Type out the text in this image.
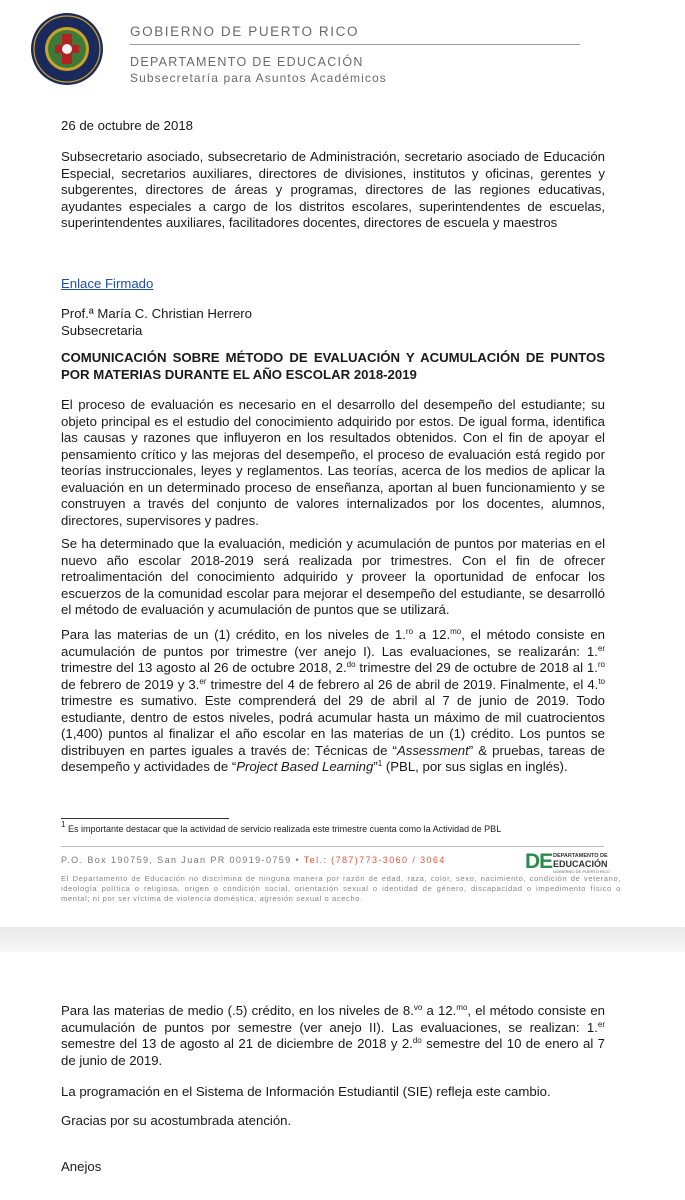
GOBIERNO DE PUERTO RICO
DEPARTAMENTO DE EDUCACIÓN
Subsecretaría para Asuntos Académicos
26 de octubre de 2018
Subsecretario asociado, subsecretario de Administración, secretario asociado de Educación Especial, secretarios auxiliares, directores de divisiones, institutos y oficinas, gerentes y subgerentes, directores de áreas y programas, directores de las regiones educativas, ayudantes especiales a cargo de los distritos escolares, superintendentes de escuelas, superintendentes auxiliares, facilitadores docentes, directores de escuela y maestros
Enlace Firmado
Prof.ª María C. Christian Herrero
Subsecretaria
COMUNICACIÓN SOBRE MÉTODO DE EVALUACIÓN Y ACUMULACIÓN DE PUNTOS POR MATERIAS DURANTE EL AÑO ESCOLAR 2018-2019
El proceso de evaluación es necesario en el desarrollo del desempeño del estudiante; su objeto principal es el estudio del conocimiento adquirido por estos. De igual forma, identifica las causas y razones que influyeron en los resultados obtenidos. Con el fin de apoyar el pensamiento crítico y las mejoras del desempeño, el proceso de evaluación está regido por teorías instruccionales, leyes y reglamentos. Las teorías, acerca de los medios de aplicar la evaluación en un determinado proceso de enseñanza, aportan al buen funcionamiento y se construyen a través del conjunto de valores internalizados por los docentes, alumnos, directores, supervisores y padres.
Se ha determinado que la evaluación, medición y acumulación de puntos por materias en el nuevo año escolar 2018-2019 será realizada por trimestres. Con el fin de ofrecer retroalimentación del conocimiento adquirido y proveer la oportunidad de enfocar los escuerzos de la comunidad escolar para mejorar el desempeño del estudiante, se desarrolló el método de evaluación y acumulación de puntos que se utilizará.
Para las materias de un (1) crédito, en los niveles de 1.$^{ro}$ a 12.$^{mo}$, el método consiste en acumulación de puntos por trimestre (ver anejo I). Las evaluaciones, se realizarán: 1.$^{er}$ trimestre del 13 agosto al 26 de octubre 2018, 2.$^{do}$ trimestre del 29 de octubre de 2018 al 1.$^{ro}$ de febrero de 2019 y 3.$^{er}$ trimestre del 4 de febrero al 26 de abril de 2019. Finalmente, el 4.$^{to}$ trimestre es sumativo. Este comprenderá del 29 de abril al 7 de junio de 2019. Todo estudiante, dentro de estos niveles, podrá acumular hasta un máximo de mil cuatrocientos (1,400) puntos al finalizar el año escolar en las materias de un (1) crédito. Los puntos se distribuyen en partes iguales a través de: Técnicas de “Assessment” & pruebas, tareas de desempeño y actividades de “Project Based Learning”$^1$ (PBL, por sus siglas en inglés).
$^1$ Es importante destacar que la actividad de servicio realizada este trimestre cuenta como la Actividad de PBL
P.O. Box 190759, San Juan PR 00919-0759 • Tel.: (787)773-3060 / 3064	DE DEPARTAMENTO DE
EDUCACIÓN
GOBIERNO DE PUERTO RICO
El Departamento de Educación no discrimina de ninguna manera por razón de edad, raza, color, sexo, nacimiento, condición de veterano, ideología política o religiosa, origen o condición social, orientación sexual o identidad de género, discapacidad o impedimento físico o mental; ni por ser víctima de violencia doméstica, agresión sexual o acecho.
Para las materias de medio (.5) crédito, en los niveles de 8.$^{vo}$ a 12.$^{mo}$, el método consiste en acumulación de puntos por semestre (ver anejo II). Las evaluaciones, se realizan: 1.$^{er}$ semestre del 13 de agosto al 21 de diciembre de 2018 y 2.$^{do}$ semestre del 10 de enero al 7 de junio de 2019.
La programación en el Sistema de Información Estudiantil (SIE) refleja este cambio.
Gracias por su acostumbrada atención.
Anejos
